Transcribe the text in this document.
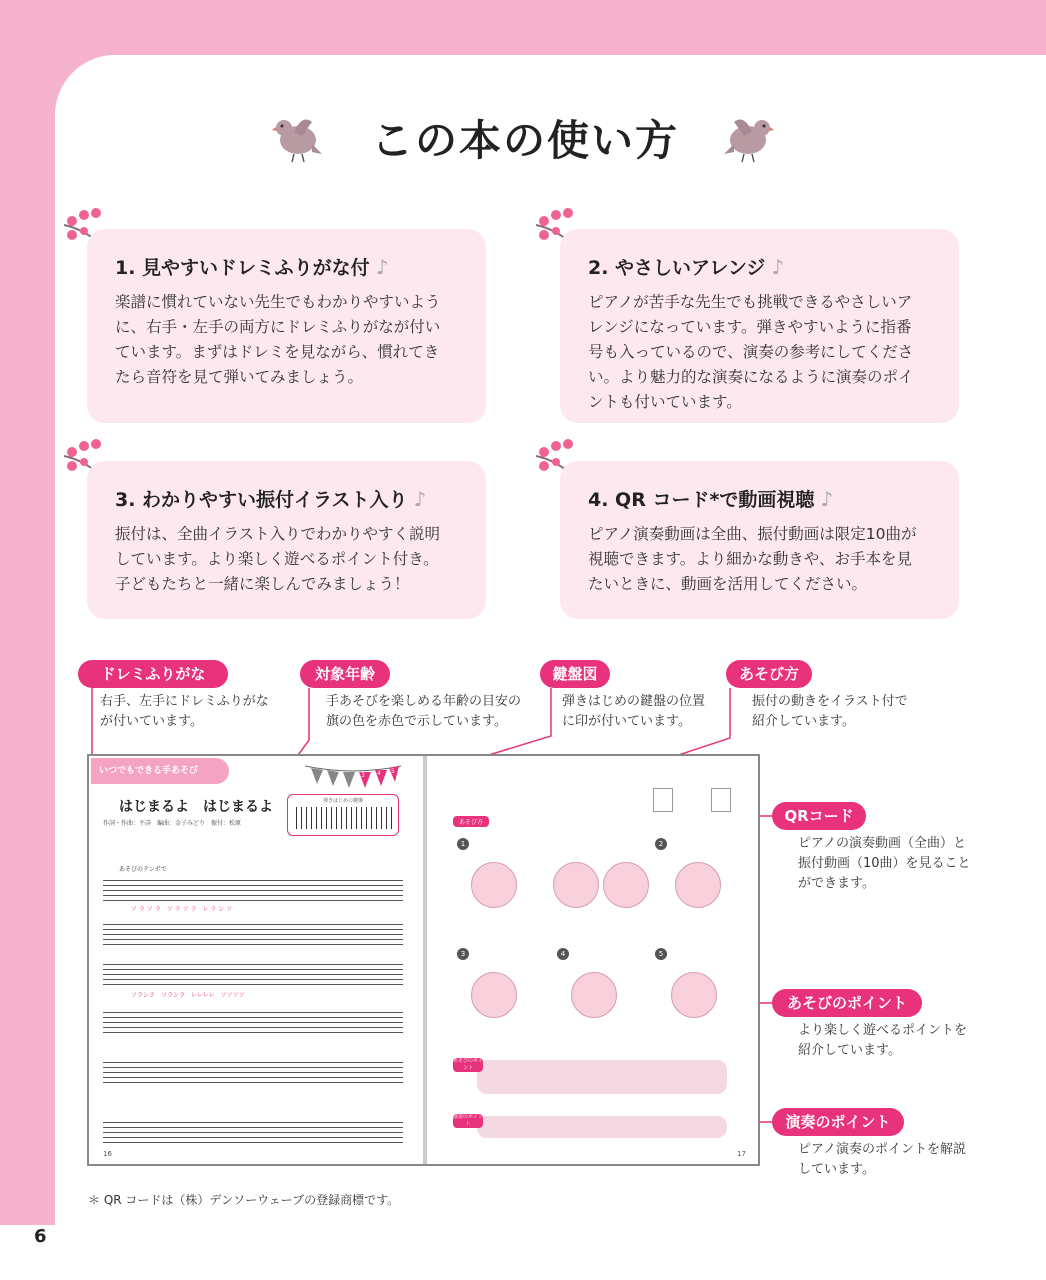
6
この本の使い方
1. 見やすいドレミふりがな付 ♪

楽譜に慣れていない先生でもわかりやすいよう
に、右手・左手の両方にドレミふりがなが付い
ています。まずはドレミを見ながら、慣れてき
たら音符を見て弾いてみましょう。

2. やさしいアレンジ ♪

ピアノが苦手な先生でも挑戦できるやさしいア
レンジになっています。弾きやすいように指番
号も入っているので、演奏の参考にしてくださ
い。より魅力的な演奏になるように演奏のポイ
ントも付いています。

3. わかりやすい振付イラスト入り ♪

振付は、全曲イラスト入りでわかりやすく説明
しています。より楽しく遊べるポイント付き。
子どもたちと一緒に楽しんでみましょう！

4. QR コード*で動画視聴 ♪

ピアノ演奏動画は全曲、振付動画は限定10曲が
視聴できます。より細かな動きや、お手本を見
たいときに、動画を活用してください。

ドレミふりがな
右手、左手にドレミふりがな
が付いています。
対象年齢
手あそびを楽しめる年齢の目安の
旗の色を赤色で示しています。
鍵盤図
弾きはじめの鍵盤の位置
に印が付いています。
あそび方
振付の動きをイラスト付で
紹介しています。
QRコード
ピアノの演奏動画（全曲）と
振付動画（10曲）を見ること
ができます。
あそびのポイント
より楽しく遊べるポイントを
紹介しています。
演奏のポイント
ピアノ演奏のポイントを解説
しています。
いつでもできる手あそび	3 4 5
はじまるよ　はじまるよ
作詞・作曲：不詳　編曲：金子みどり　振付：松原
弾きはじめの鍵盤
あそびのテンポで
ソ ラ ソ ラ　ソ ラ ソ ラ　レ ラ シ ソ
ソラシラ　ソラシラ　レレレレ　ソソソソ
16
あそび方
1	2
3	4	5
あそびのポイント
演奏のポイント
17
＊ QR コードは（株）デンソーウェーブの登録商標です。
